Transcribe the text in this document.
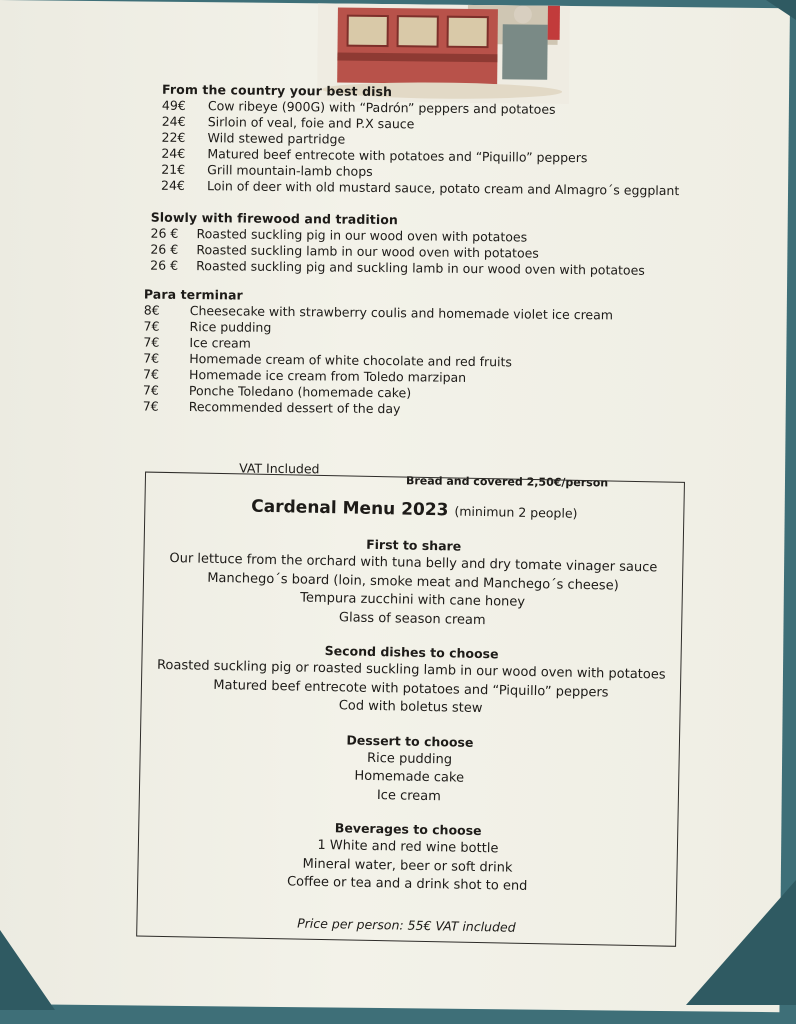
From the country your best dish
49€	Cow ribeye (900G) with “Padrón” peppers and potatoes
24€	Sirloin of veal, foie and P.X sauce
22€	Wild stewed partridge
24€	Matured beef entrecote with potatoes and “Piquillo” peppers
21€	Grill mountain-lamb chops
24€	Loin of deer with old mustard sauce, potato cream and Almagro´s eggplant
Slowly with firewood and tradition
26 €	Roasted suckling pig in our wood oven with potatoes
26 €	Roasted suckling lamb in our wood oven with potatoes
26 €	Roasted suckling pig and suckling lamb in our wood oven with potatoes
Para terminar
8€	Cheesecake with strawberry coulis and homemade violet ice cream
7€	Rice pudding
7€	Ice cream
7€	Homemade cream of white chocolate and red fruits
7€	Homemade ice cream from Toledo marzipan
7€	Ponche Toledano (homemade cake)
7€	Recommended dessert of the day
VAT Included
Bread and covered 2,50€/person
Cardenal Menu 2023 (minimun 2 people)
First to share
Our lettuce from the orchard with tuna belly and dry tomate vinager sauce
Manchego´s board (loin, smoke meat and Manchego´s cheese)
Tempura zucchini with cane honey
Glass of season cream
Second dishes to choose
Roasted suckling pig or roasted suckling lamb in our wood oven with potatoes
Matured beef entrecote with potatoes and “Piquillo” peppers
Cod with boletus stew
Dessert to choose
Rice pudding
Homemade cake
Ice cream
Beverages to choose
1 White and red wine bottle
Mineral water, beer or soft drink
Coffee or tea and a drink shot to end
Price per person: 55€ VAT included
